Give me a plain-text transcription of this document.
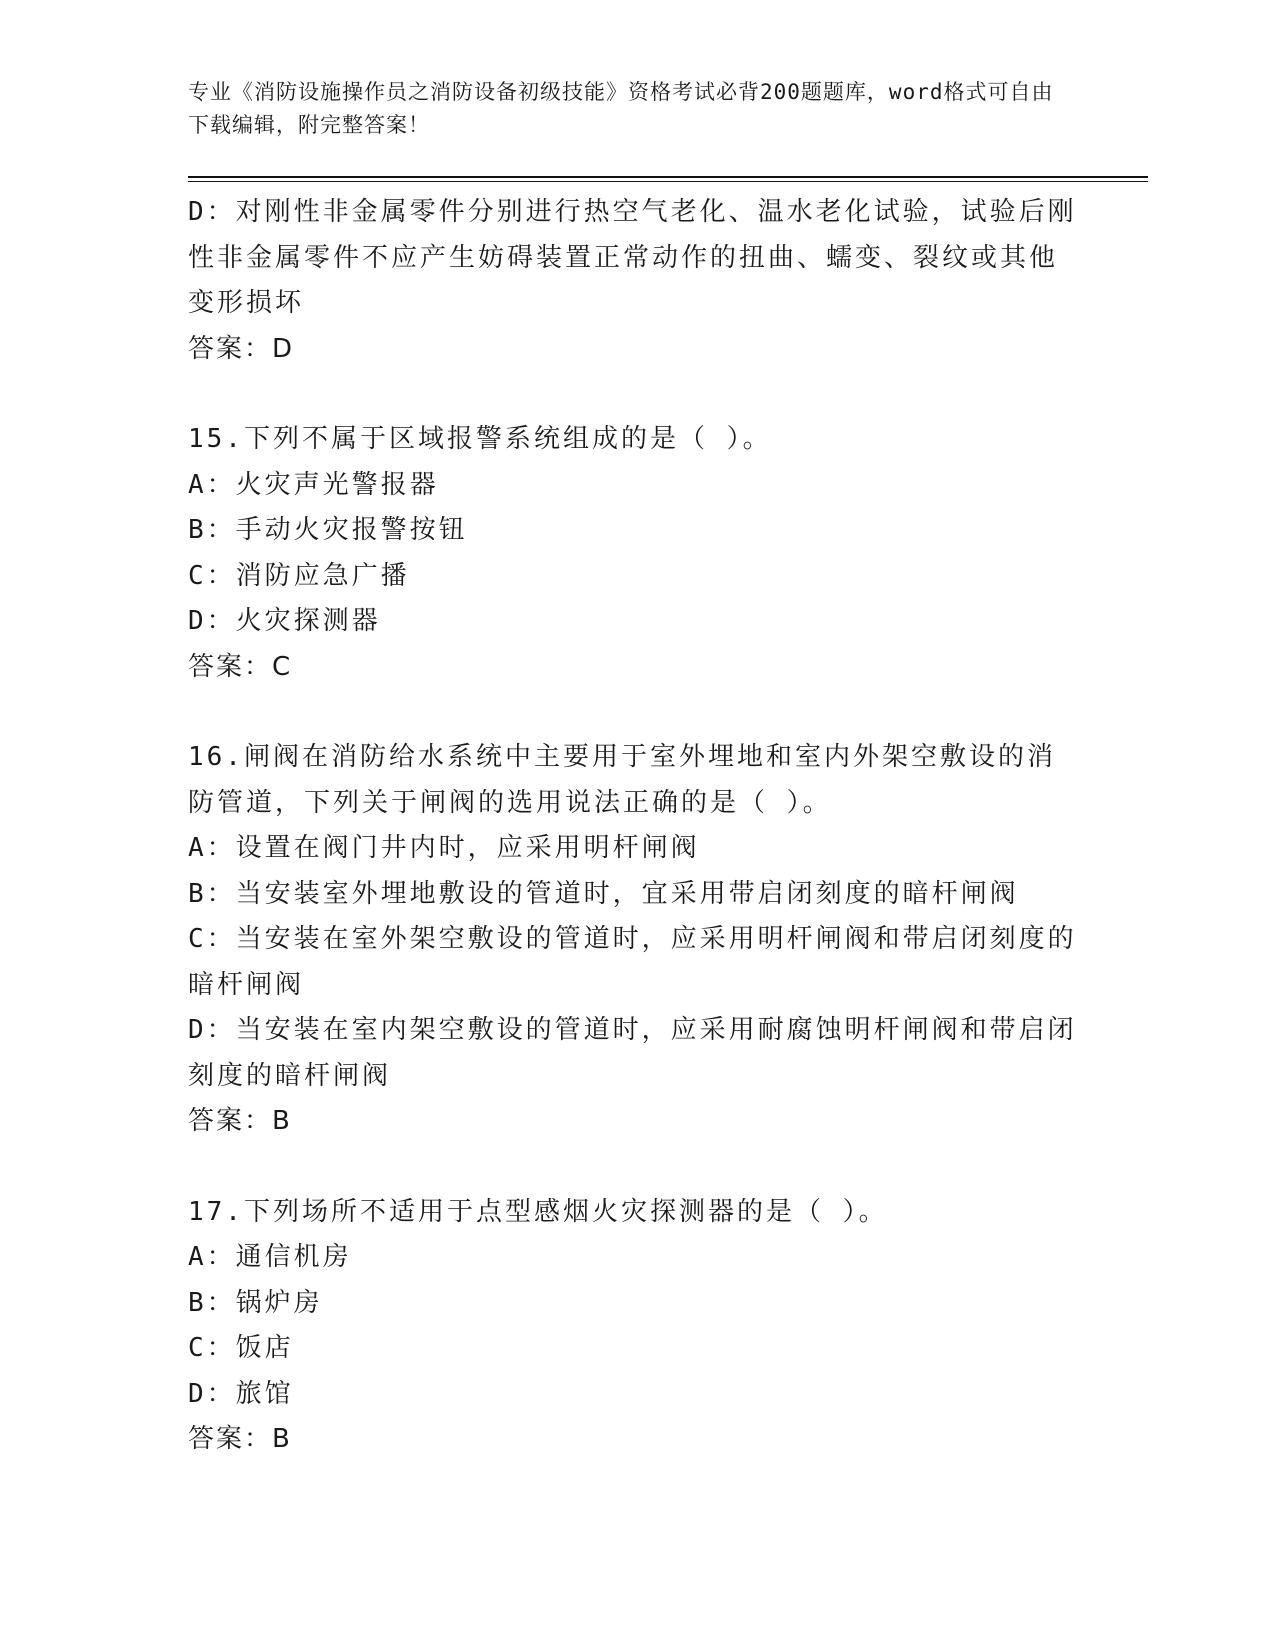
专业《消防设施操作员之消防设备初级技能》资格考试必背200题题库，word格式可自由下载编辑，附完整答案！
D：对刚性非金属零件分别进行热空气老化、温水老化试验，试验后刚性非金属零件不应产生妨碍装置正常动作的扭曲、蠕变、裂纹或其他变形损坏
答案：D
15.下列不属于区域报警系统组成的是（ ）。
A：火灾声光警报器
B：手动火灾报警按钮
C：消防应急广播
D：火灾探测器
答案：C
16.闸阀在消防给水系统中主要用于室外埋地和室内外架空敷设的消防管道，下列关于闸阀的选用说法正确的是（ ）。
A：设置在阀门井内时，应采用明杆闸阀
B：当安装室外埋地敷设的管道时，宜采用带启闭刻度的暗杆闸阀
C：当安装在室外架空敷设的管道时，应采用明杆闸阀和带启闭刻度的暗杆闸阀
D：当安装在室内架空敷设的管道时，应采用耐腐蚀明杆闸阀和带启闭刻度的暗杆闸阀
答案：B
17.下列场所不适用于点型感烟火灾探测器的是（ ）。
A：通信机房
B：锅炉房
C：饭店
D：旅馆
答案：B
